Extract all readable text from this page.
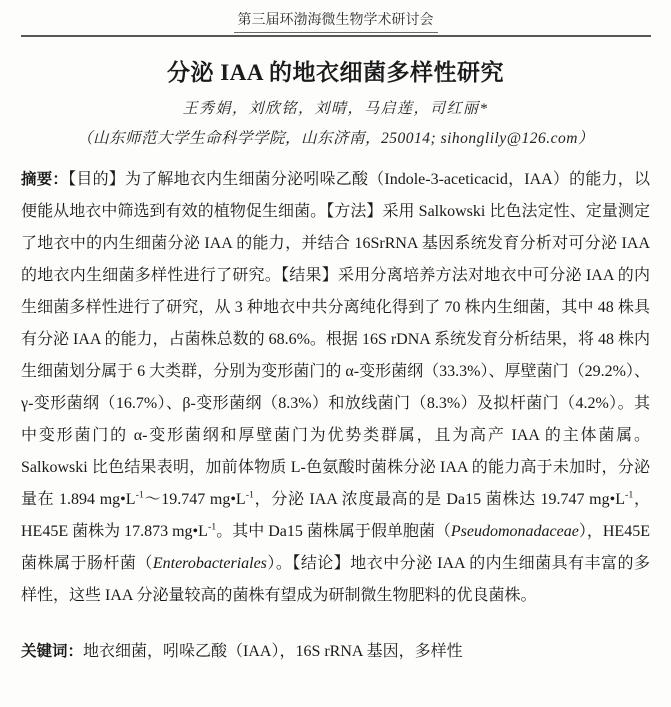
第三届环渤海微生物学术研讨会
分泌 IAA 的地衣细菌多样性研究
王秀娟，刘欣铭，刘晴，马启莲，司红丽*
（山东师范大学生命科学学院，山东济南，250014; sihonglily@126.com）

摘要：【目的】为了解地衣内生细菌分泌吲哚乙酸（Indole-3-aceticacid，IAA）的能力，以便能从地衣中筛选到有效的植物促生细菌。【方法】采用 Salkowski 比色法定性、定量测定了地衣中的内生细菌分泌 IAA 的能力，并结合 16SrRNA 基因系统发育分析对可分泌 IAA 的地衣内生细菌多样性进行了研究。【结果】采用分离培养方法对地衣中可分泌 IAA 的内生细菌多样性进行了研究，从 3 种地衣中共分离纯化得到了 70 株内生细菌，其中 48 株具有分泌 IAA 的能力，占菌株总数的 68.6%。根据 16S rDNA 系统发育分析结果，将 48 株内生细菌划分属于 6 大类群，分别为变形菌门的 α-变形菌纲（33.3%）、厚壁菌门（29.2%）、γ-变形菌纲（16.7%）、β-变形菌纲（8.3%）和放线菌门（8.3%）及拟杆菌门（4.2%）。其中变形菌门的 α-变形菌纲和厚壁菌门为优势类群属，且为高产 IAA 的主体菌属。Salkowski 比色结果表明，加前体物质 L-色氨酸时菌株分泌 IAA 的能力高于未加时，分泌量在 1.894 $mg•L^{-1}\sim 19.747$ $mg•L^{-1}$，分泌 IAA 浓度最高的是 Da15 菌株达 19.747 $mg•L^{-1}$， HE45E 菌株为 17.873 $mg•L^{-1}$。其中 Da15 菌株属于假单胞菌（Pseudomonadaceae），HE45E 菌株属于肠杆菌（Enterobacteriales）。【结论】地衣中分泌 IAA 的内生细菌具有丰富的多样性，这些 IAA 分泌量较高的菌株有望成为研制微生物肥料的优良菌株。

关键词：地衣细菌，吲哚乙酸（IAA），16S rRNA 基因，多样性
